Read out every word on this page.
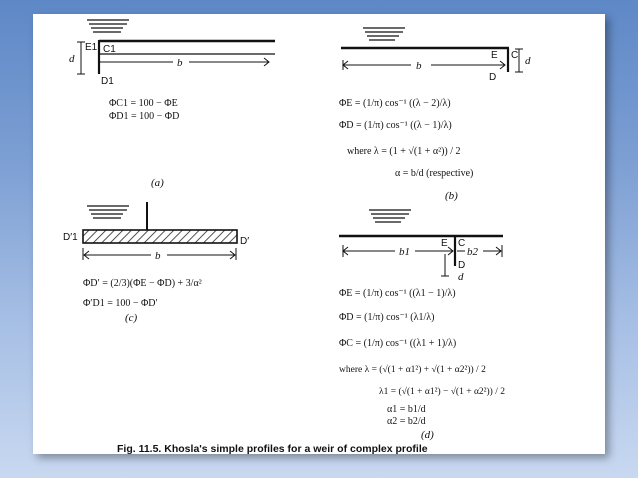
E1 C1
D1
d	b
ΦC1 = 100 − ΦE
ΦD1 = 100 − ΦD
(a)
b
E C
D
d
ΦE = (1/π) cos⁻¹ ((λ − 2)/λ)
ΦD = (1/π) cos⁻¹ ((λ − 1)/λ)
where λ = (1 + √(1 + α²)) / 2
α = b/d (respective)
(b)
D′1	D′
b
ΦD′ = (2/3)(ΦE − ΦD) + 3/α²
Φ′D1 = 100 − ΦD′
(c)
E C
b1	b2
D
d
ΦE = (1/π) cos⁻¹ ((λ1 − 1)/λ)
ΦD = (1/π) cos⁻¹ (λ1/λ)
ΦC = (1/π) cos⁻¹ ((λ1 + 1)/λ)
where λ = (√(1 + α1²) + √(1 + α2²)) / 2
λ1 = (√(1 + α1²) − √(1 + α2²)) / 2
α1 = b1/d
α2 = b2/d
(d)
Fig. 11.5. Khosla's simple profiles for a weir of complex profile
